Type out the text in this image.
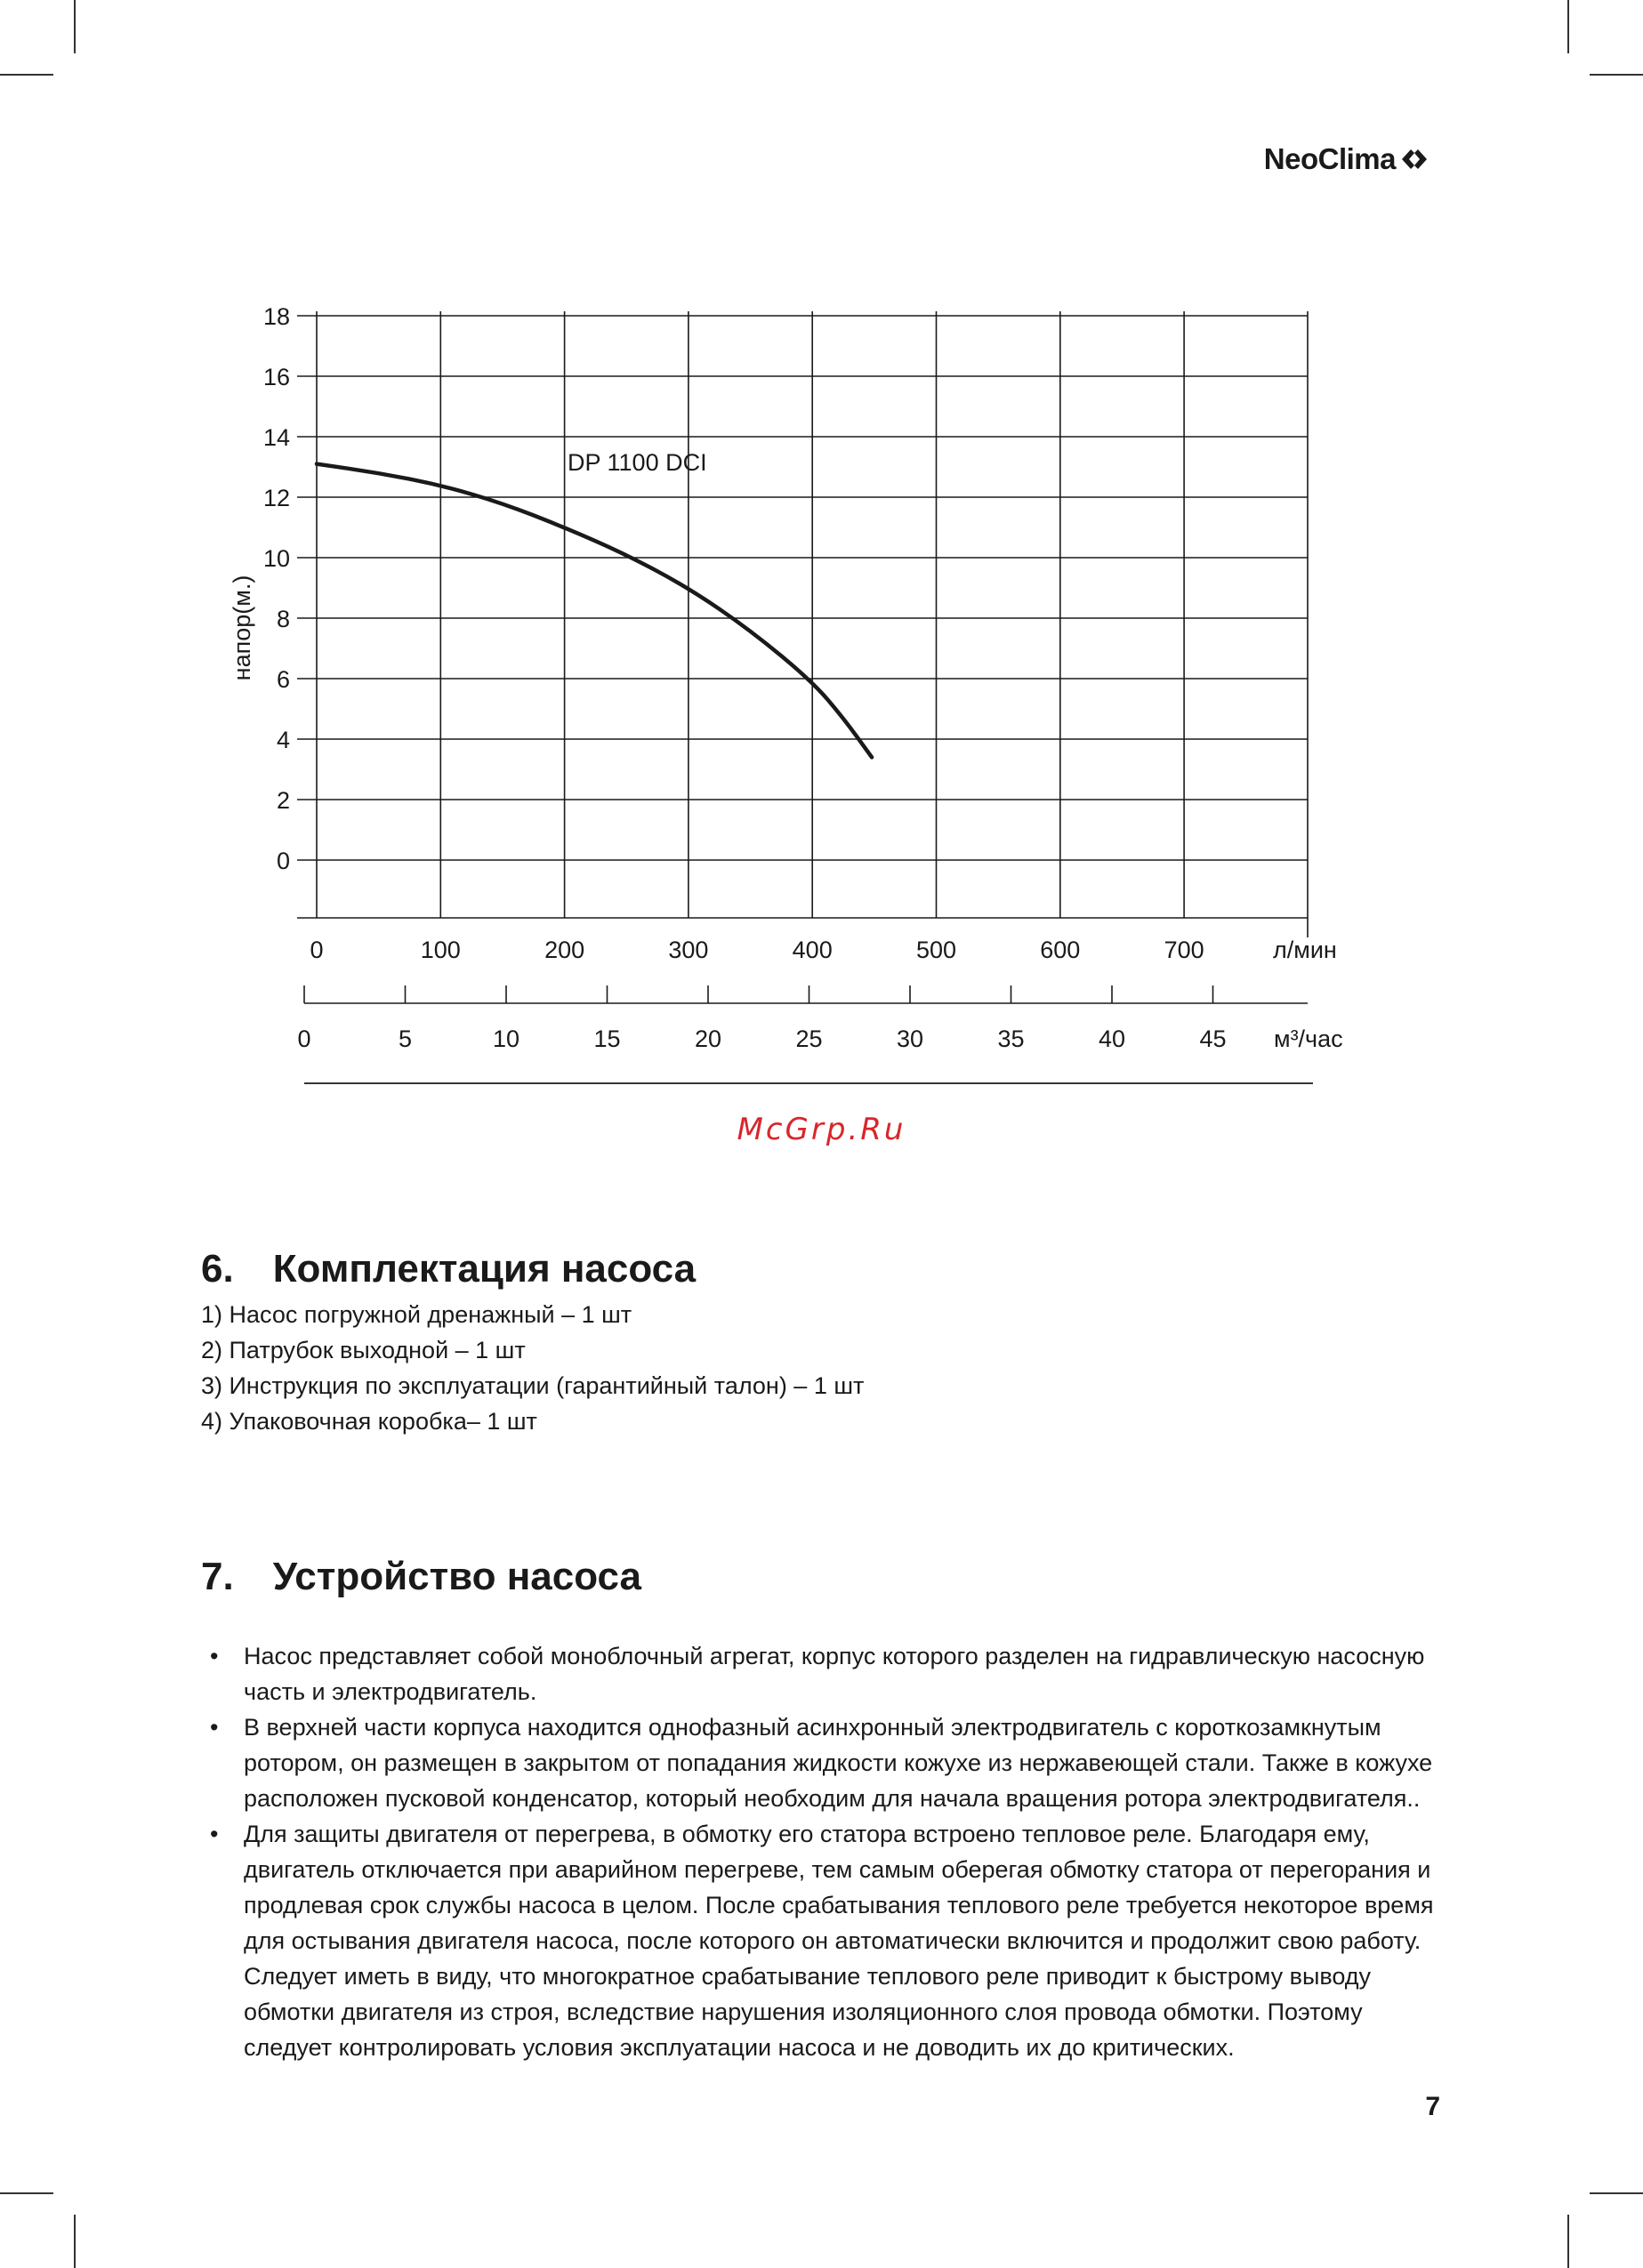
NeoClima
0
2
4
6
8
10
12
14
16
18
0	100	200	300	400	500	600	700	л/мин
напор(м.)
0	5	10	15	20	25	30	35	40	45 м³/час
DP 1100 DCI
McGrp.Ru
6. Комплектация насоса
1) Насос погружной дренажный – 1 шт
2) Патрубок выходной – 1 шт
3) Инструкция по эксплуатации (гарантийный талон) – 1 шт
4) Упаковочная коробка– 1 шт
7. Устройство насоса
• Насос представляет собой моноблочный агрегат, корпус которого разделен на гидравлическую насосную часть и электродвигатель.
• В верхней части корпуса находится однофазный асинхронный электродвигатель с короткозамкнутым ротором, он размещен в закрытом от попадания жидкости кожухе из нержавеющей стали. Также в кожухе расположен пусковой конденсатор, который необходим для начала вращения ротора электродвигателя..
• Для защиты двигателя от перегрева, в обмотку его статора встроено тепловое реле. Благодаря ему, двигатель отключается при аварийном перегреве, тем самым оберегая обмотку статора от перегорания и продлевая срок службы насоса в целом. После срабатывания теплового реле требуется некоторое время для остывания двигателя насоса, после которого он автоматически включится и продолжит свою работу. Следует иметь в виду, что многократное срабатывание теплового реле приводит к быстрому выводу обмотки двигателя из строя, вследствие нарушения изоляционного слоя провода обмотки. Поэтому следует контролировать условия эксплуатации насоса и не доводить их до критических.
7
